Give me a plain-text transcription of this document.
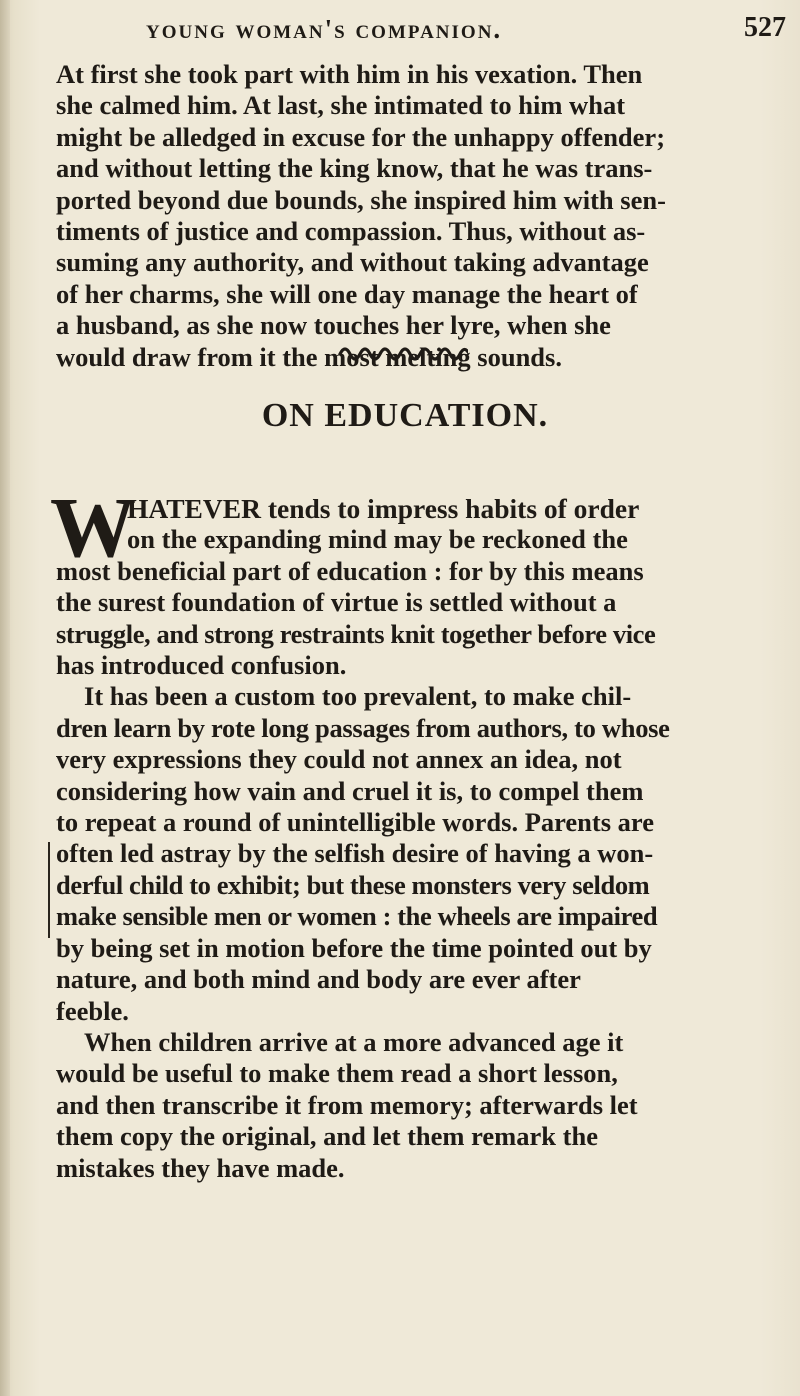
young woman's companion.	527
At first she took part with him in his vexation. Then
she calmed him. At last, she intimated to him what
might be alledged in excuse for the unhappy offender;
and without letting the king know, that he was trans-
ported beyond due bounds, she inspired him with sen-
timents of justice and compassion. Thus, without as-
suming any authority, and without taking advantage
of her charms, she will one day manage the heart of
a husband, as she now touches her lyre, when she
would draw from it the most melting sounds.
ON EDUCATION.
W
HATEVER tends to impress habits of order
on the expanding mind may be reckoned the
most beneficial part of education : for by this means
the surest foundation of virtue is settled without a
struggle, and strong restraints knit together before vice
has introduced confusion.
It has been a custom too prevalent, to make chil-
dren learn by rote long passages from authors, to whose
very expressions they could not annex an idea, not
considering how vain and cruel it is, to compel them
to repeat a round of unintelligible words. Parents are
often led astray by the selfish desire of having a won-
derful child to exhibit; but these monsters very seldom
make sensible men or women : the wheels are impaired
by being set in motion before the time pointed out by
nature, and both mind and body are ever after
feeble.
When children arrive at a more advanced age it
would be useful to make them read a short lesson,
and then transcribe it from memory; afterwards let
them copy the original, and let them remark the
mistakes they have made.
